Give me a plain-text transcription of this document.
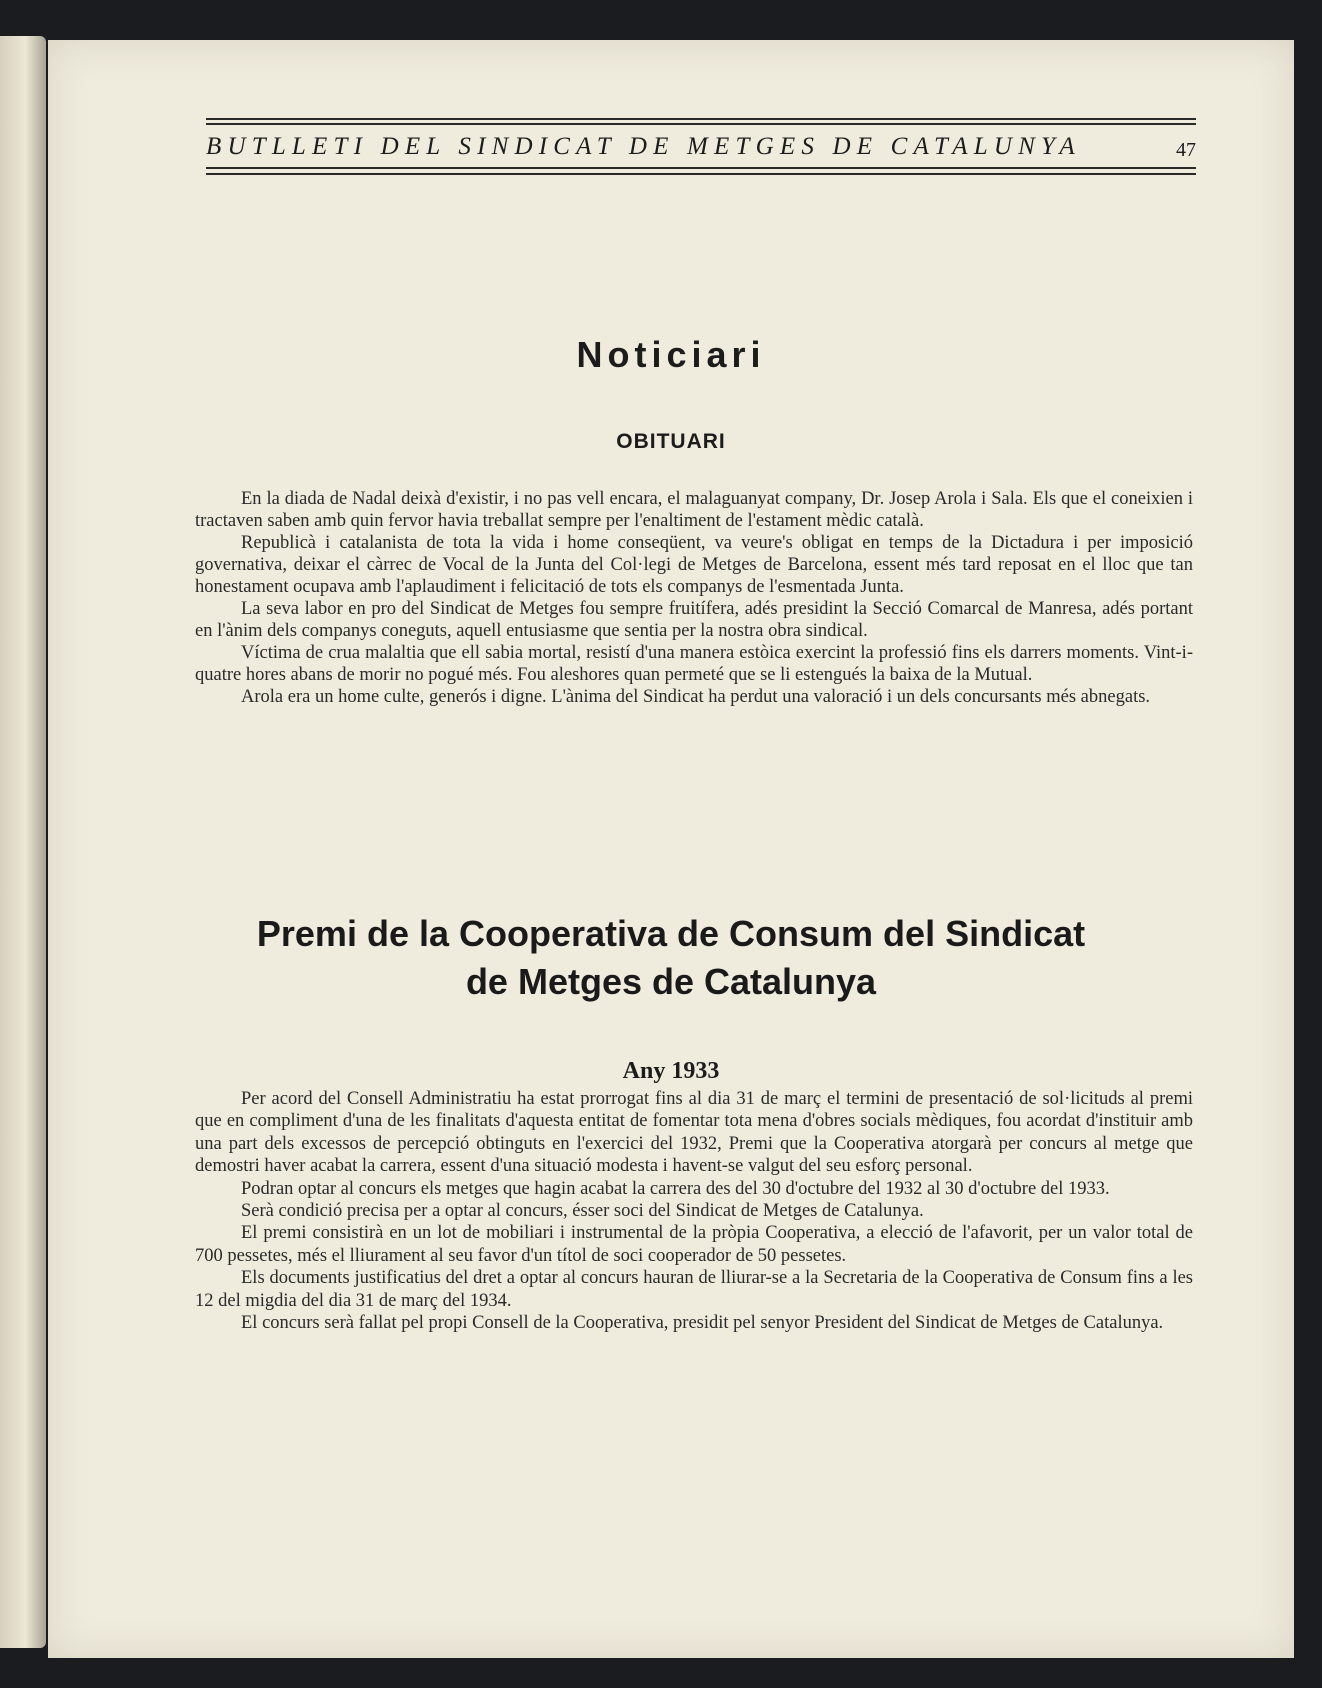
BUTLLETI DEL SINDICAT DE METGES DE CATALUNYA	47
Noticiari
OBITUARI

En la diada de Nadal deixà d'existir, i no pas vell encara, el malaguanyat company, Dr. Josep Arola i Sala. Els que el coneixien i tractaven saben amb quin fervor havia treballat sempre per l'enaltiment de l'estament mèdic català.

Republicà i catalanista de tota la vida i home conseqüent, va veure's obligat en temps de la Dictadura i per imposició governativa, deixar el càrrec de Vocal de la Junta del Col·legi de Metges de Barcelona, essent més tard reposat en el lloc que tan honestament ocupava amb l'aplaudiment i felicitació de tots els companys de l'esmentada Junta.

La seva labor en pro del Sindicat de Metges fou sempre fruitífera, adés presidint la Secció Comarcal de Manresa, adés portant en l'ànim dels companys coneguts, aquell entusiasme que sentia per la nostra obra sindical.

Víctima de crua malaltia que ell sabia mortal, resistí d'una manera estòica exercint la professió fins els darrers moments. Vint-i-quatre hores abans de morir no pogué més. Fou aleshores quan permeté que se li estengués la baixa de la Mutual.

Arola era un home culte, generós i digne. L'ànima del Sindicat ha perdut una valoració i un dels concursants més abnegats.

Premi de la Cooperativa de Consum del Sindicat
de Metges de Catalunya
Any 1933

Per acord del Consell Administratiu ha estat prorrogat fins al dia 31 de març el termini de presentació de sol·licituds al premi que en compliment d'una de les finalitats d'aquesta entitat de fomentar tota mena d'obres socials mèdiques, fou acordat d'instituir amb una part dels excessos de percepció obtinguts en l'exercici del 1932, Premi que la Cooperativa atorgarà per concurs al metge que demostri haver acabat la carrera, essent d'una situació modesta i havent-se valgut del seu esforç personal.

Podran optar al concurs els metges que hagin acabat la carrera des del 30 d'octubre del 1932 al 30 d'octubre del 1933.

Serà condició precisa per a optar al concurs, ésser soci del Sindicat de Metges de Catalunya.

El premi consistirà en un lot de mobiliari i instrumental de la pròpia Cooperativa, a elecció de l'afavorit, per un valor total de 700 pessetes, més el lliurament al seu favor d'un títol de soci cooperador de 50 pessetes.

Els documents justificatius del dret a optar al concurs hauran de lliurar-se a la Secretaria de la Cooperativa de Consum fins a les 12 del migdia del dia 31 de març del 1934.

El concurs serà fallat pel propi Consell de la Cooperativa, presidit pel senyor President del Sindicat de Metges de Catalunya.
